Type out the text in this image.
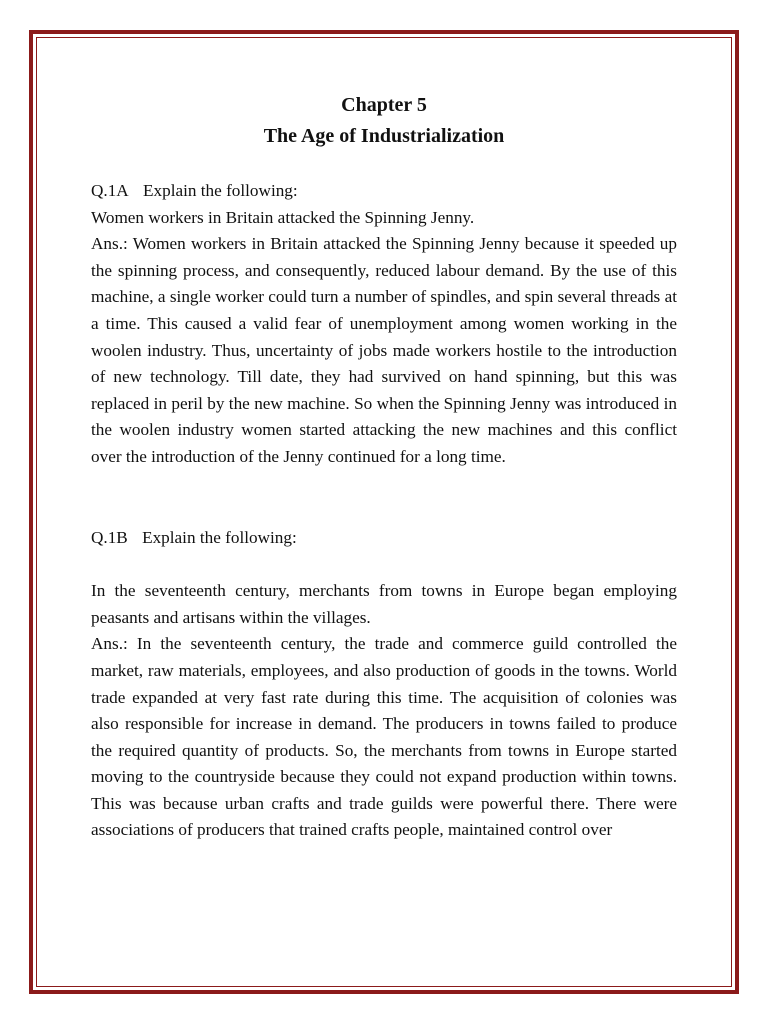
Chapter 5
The Age of Industrialization

Q.1A Explain the following:

Women workers in Britain attacked the Spinning Jenny.

Ans.: Women workers in Britain attacked the Spinning Jenny because it speeded up the spinning process, and consequently, reduced labour demand. By the use of this machine, a single worker could turn a number of spindles, and spin several threads at a time. This caused a valid fear of unemployment among women working in the woolen industry. Thus, uncertainty of jobs made workers hostile to the introduction of new technology. Till date, they had survived on hand spinning, but this was replaced in peril by the new machine. So when the Spinning Jenny was introduced in the woolen industry women started attacking the new machines and this conflict over the introduction of the Jenny continued for a long time.

Q.1B Explain the following:

In the seventeenth century, merchants from towns in Europe began employing peasants and artisans within the villages.

Ans.: In the seventeenth century, the trade and commerce guild controlled the market, raw materials, employees, and also production of goods in the towns. World trade expanded at very fast rate during this time. The acquisition of colonies was also responsible for increase in demand. The producers in towns failed to produce the required quantity of products. So, the merchants from towns in Europe started moving to the countryside because they could not expand production within towns. This was because urban crafts and trade guilds were powerful there. There were associations of producers that trained crafts people, maintained control over
